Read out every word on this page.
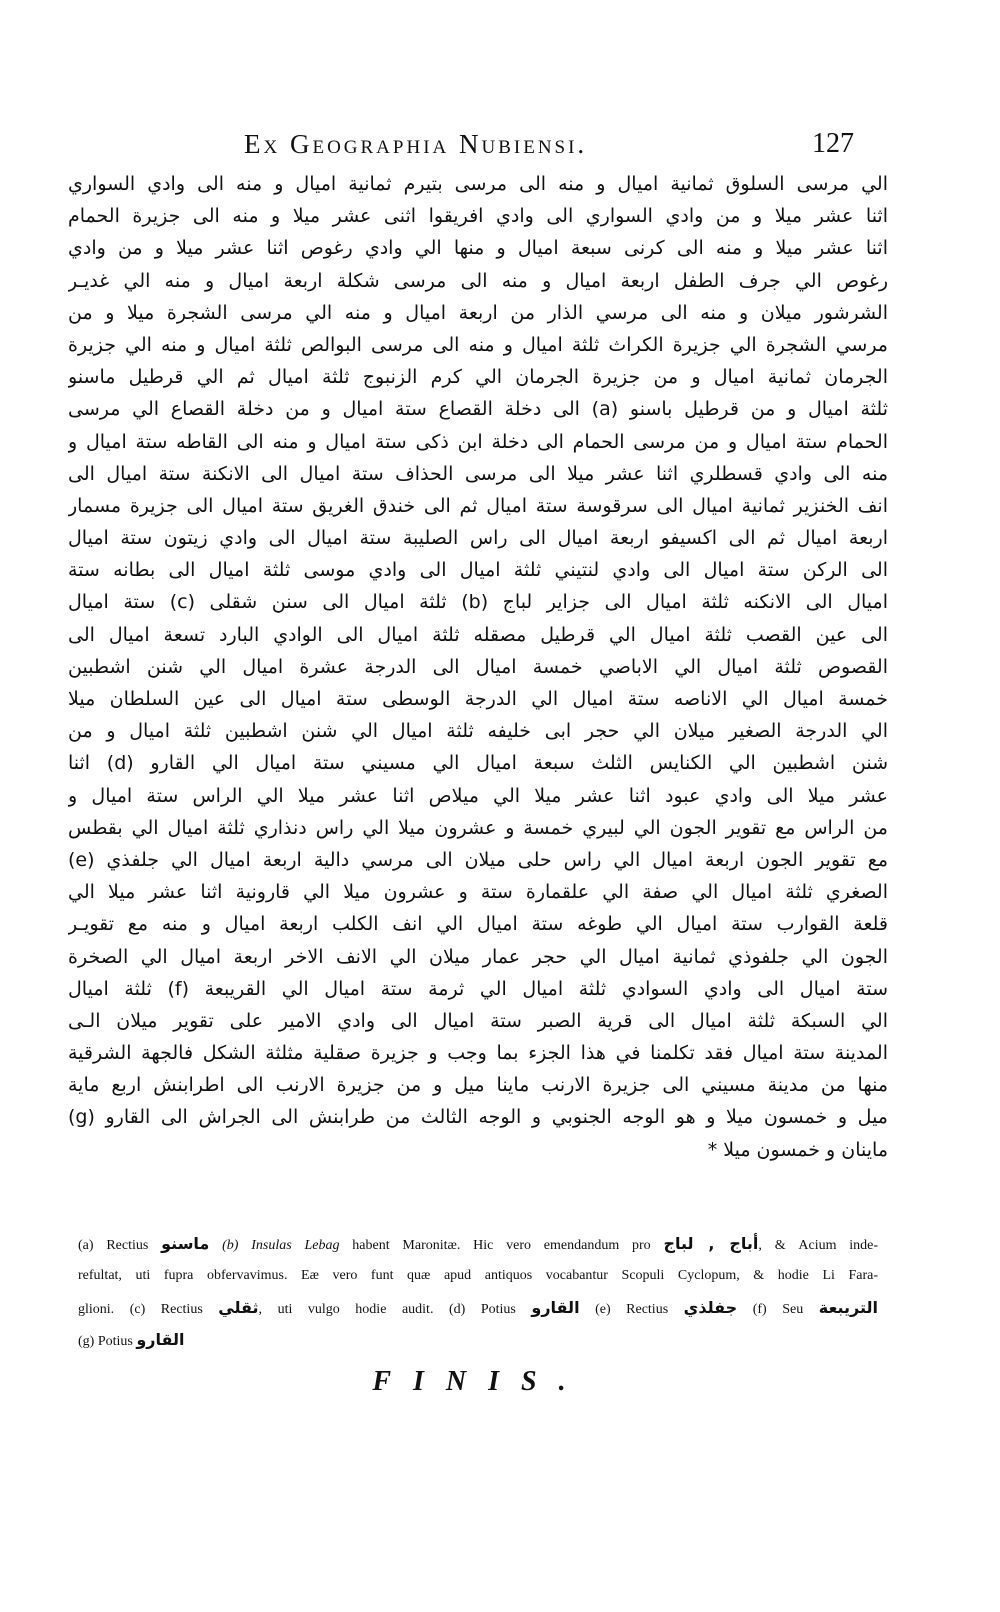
Ex Geographia Nubiensi.	127
الي مرسى السلوق ثمانية اميال و منه الى مرسى بتيرم ثمانية اميال و منه الى وادي السواري
اثنا عشر ميلا و من وادي السواري الى وادي افريقوا اثنى عشر ميلا و منه الى جزيرة الحمام
اثنا عشر ميلا و منه الى كرنى سبعة اميال و منها الي وادي رغوص اثنا عشر ميلا و من وادي
رغوص الي جرف الطفل اربعة اميال و منه الى مرسى شكلة اربعة اميال و منه الي غديـر
الشرشور ميلان و منه الى مرسي الذار من اربعة اميال و منه الي مرسى الشجرة ميلا و من
مرسي الشجرة الي جزيرة الكراث ثلثة اميال و منه الى مرسى البوالص ثلثة اميال و منه الي جزيرة
الجرمان ثمانية اميال و من جزيرة الجرمان الي كرم الزنبوج ثلثة اميال ثم الي قرطيل ماسنو
ثلثة اميال و من قرطيل باسنو (a) الى دخلة القصاع ستة اميال و من دخلة القصاع الي مرسى
الحمام ستة اميال و من مرسى الحمام الى دخلة ابن ذكى ستة اميال و منه الى القاطه ستة اميال و
منه الى وادي قسطلري اثنا عشر ميلا الى مرسى الحذاف ستة اميال الى الانكنة ستة اميال الى
انف الخنزير ثمانية اميال الى سرقوسة ستة اميال ثم الى خندق الغريق ستة اميال الى جزيرة مسمار
اربعة اميال ثم الى اكسيفو اربعة اميال الى راس الصليبة ستة اميال الى وادي زيتون ستة اميال
الى الركن ستة اميال الى وادي لنتيني ثلثة اميال الى وادي موسى ثلثة اميال الى بطانه ستة
اميال الى الانكنه ثلثة اميال الى جزاير لباج (b) ثلثة اميال الى سنن شقلى (c) ستة اميال
الى عين القصب ثلثة اميال الي قرطيل مصقله ثلثة اميال الى الوادي البارد تسعة اميال الى
القصوص ثلثة اميال الي الاباصي خمسة اميال الى الدرجة عشرة اميال الي شنن اشطبين
خمسة اميال الي الاناصه ستة اميال الي الدرجة الوسطى ستة اميال الى عين السلطان ميلا
الي الدرجة الصغير ميلان الي حجر ابى خليفه ثلثة اميال الي شنن اشطبين ثلثة اميال و من
شنن اشطبين الي الكنايس الثلث سبعة اميال الي مسيني ستة اميال الي القارو (d) اثنا
عشر ميلا الى وادي عبود اثنا عشر ميلا الي ميلاص اثنا عشر ميلا الي الراس ستة اميال و
من الراس مع تقوير الجون الي لبيري خمسة و عشرون ميلا الي راس دنذاري ثلثة اميال الي بقطس
مع تقوير الجون اربعة اميال الي راس حلى ميلان الى مرسي دالية اربعة اميال الي جلفذي (e)
الصغري ثلثة اميال الي صفة الي علقمارة ستة و عشرون ميلا الي قارونية اثنا عشر ميلا الي
قلعة القوارب ستة اميال الي طوغه ستة اميال الي انف الكلب اربعة اميال و منه مع تقويـر
الجون الي جلفوذي ثمانية اميال الي حجر عمار ميلان الي الانف الاخر اربعة اميال الي الصخرة
ستة اميال الى وادي السوادي ثلثة اميال الي ثرمة ستة اميال الي القريبعة (f) ثلثة اميال
الي السبكة ثلثة اميال الى قرية الصبر ستة اميال الى وادي الامير على تقوير ميلان الـى
المدينة ستة اميال فقد تكلمنا في هذا الجزء بما وجب و جزيرة صقلية مثلثة الشكل فالجهة الشرقية
منها من مدينة مسيني الى جزيرة الارنب ماينا ميل و من جزيرة الارنب الى اطرابنش اربع ماية
ميل و خمسون ميلا و هو الوجه الجنوبي و الوجه الثالث من طرابنش الى الجراش الى القارو (g)
ماينان و خمسون ميلا *
(a) Rectius ماسنو (b) Insulas Lebag habent Maronitæ. Hic vero emendandum pro أباج , لباج, & Acium inde-
refultat, uti fupra obfervavimus. Eæ vero funt quæ apud antiquos vocabantur Scopuli Cyclopum, & hodie Li Fara-
glioni. (c) Rectius ثقلي, uti vulgo hodie audit. (d) Potius القارو (e) Rectius جفلذي (f) Seu التريبعة
(g) Potius القارو
FINIS.
